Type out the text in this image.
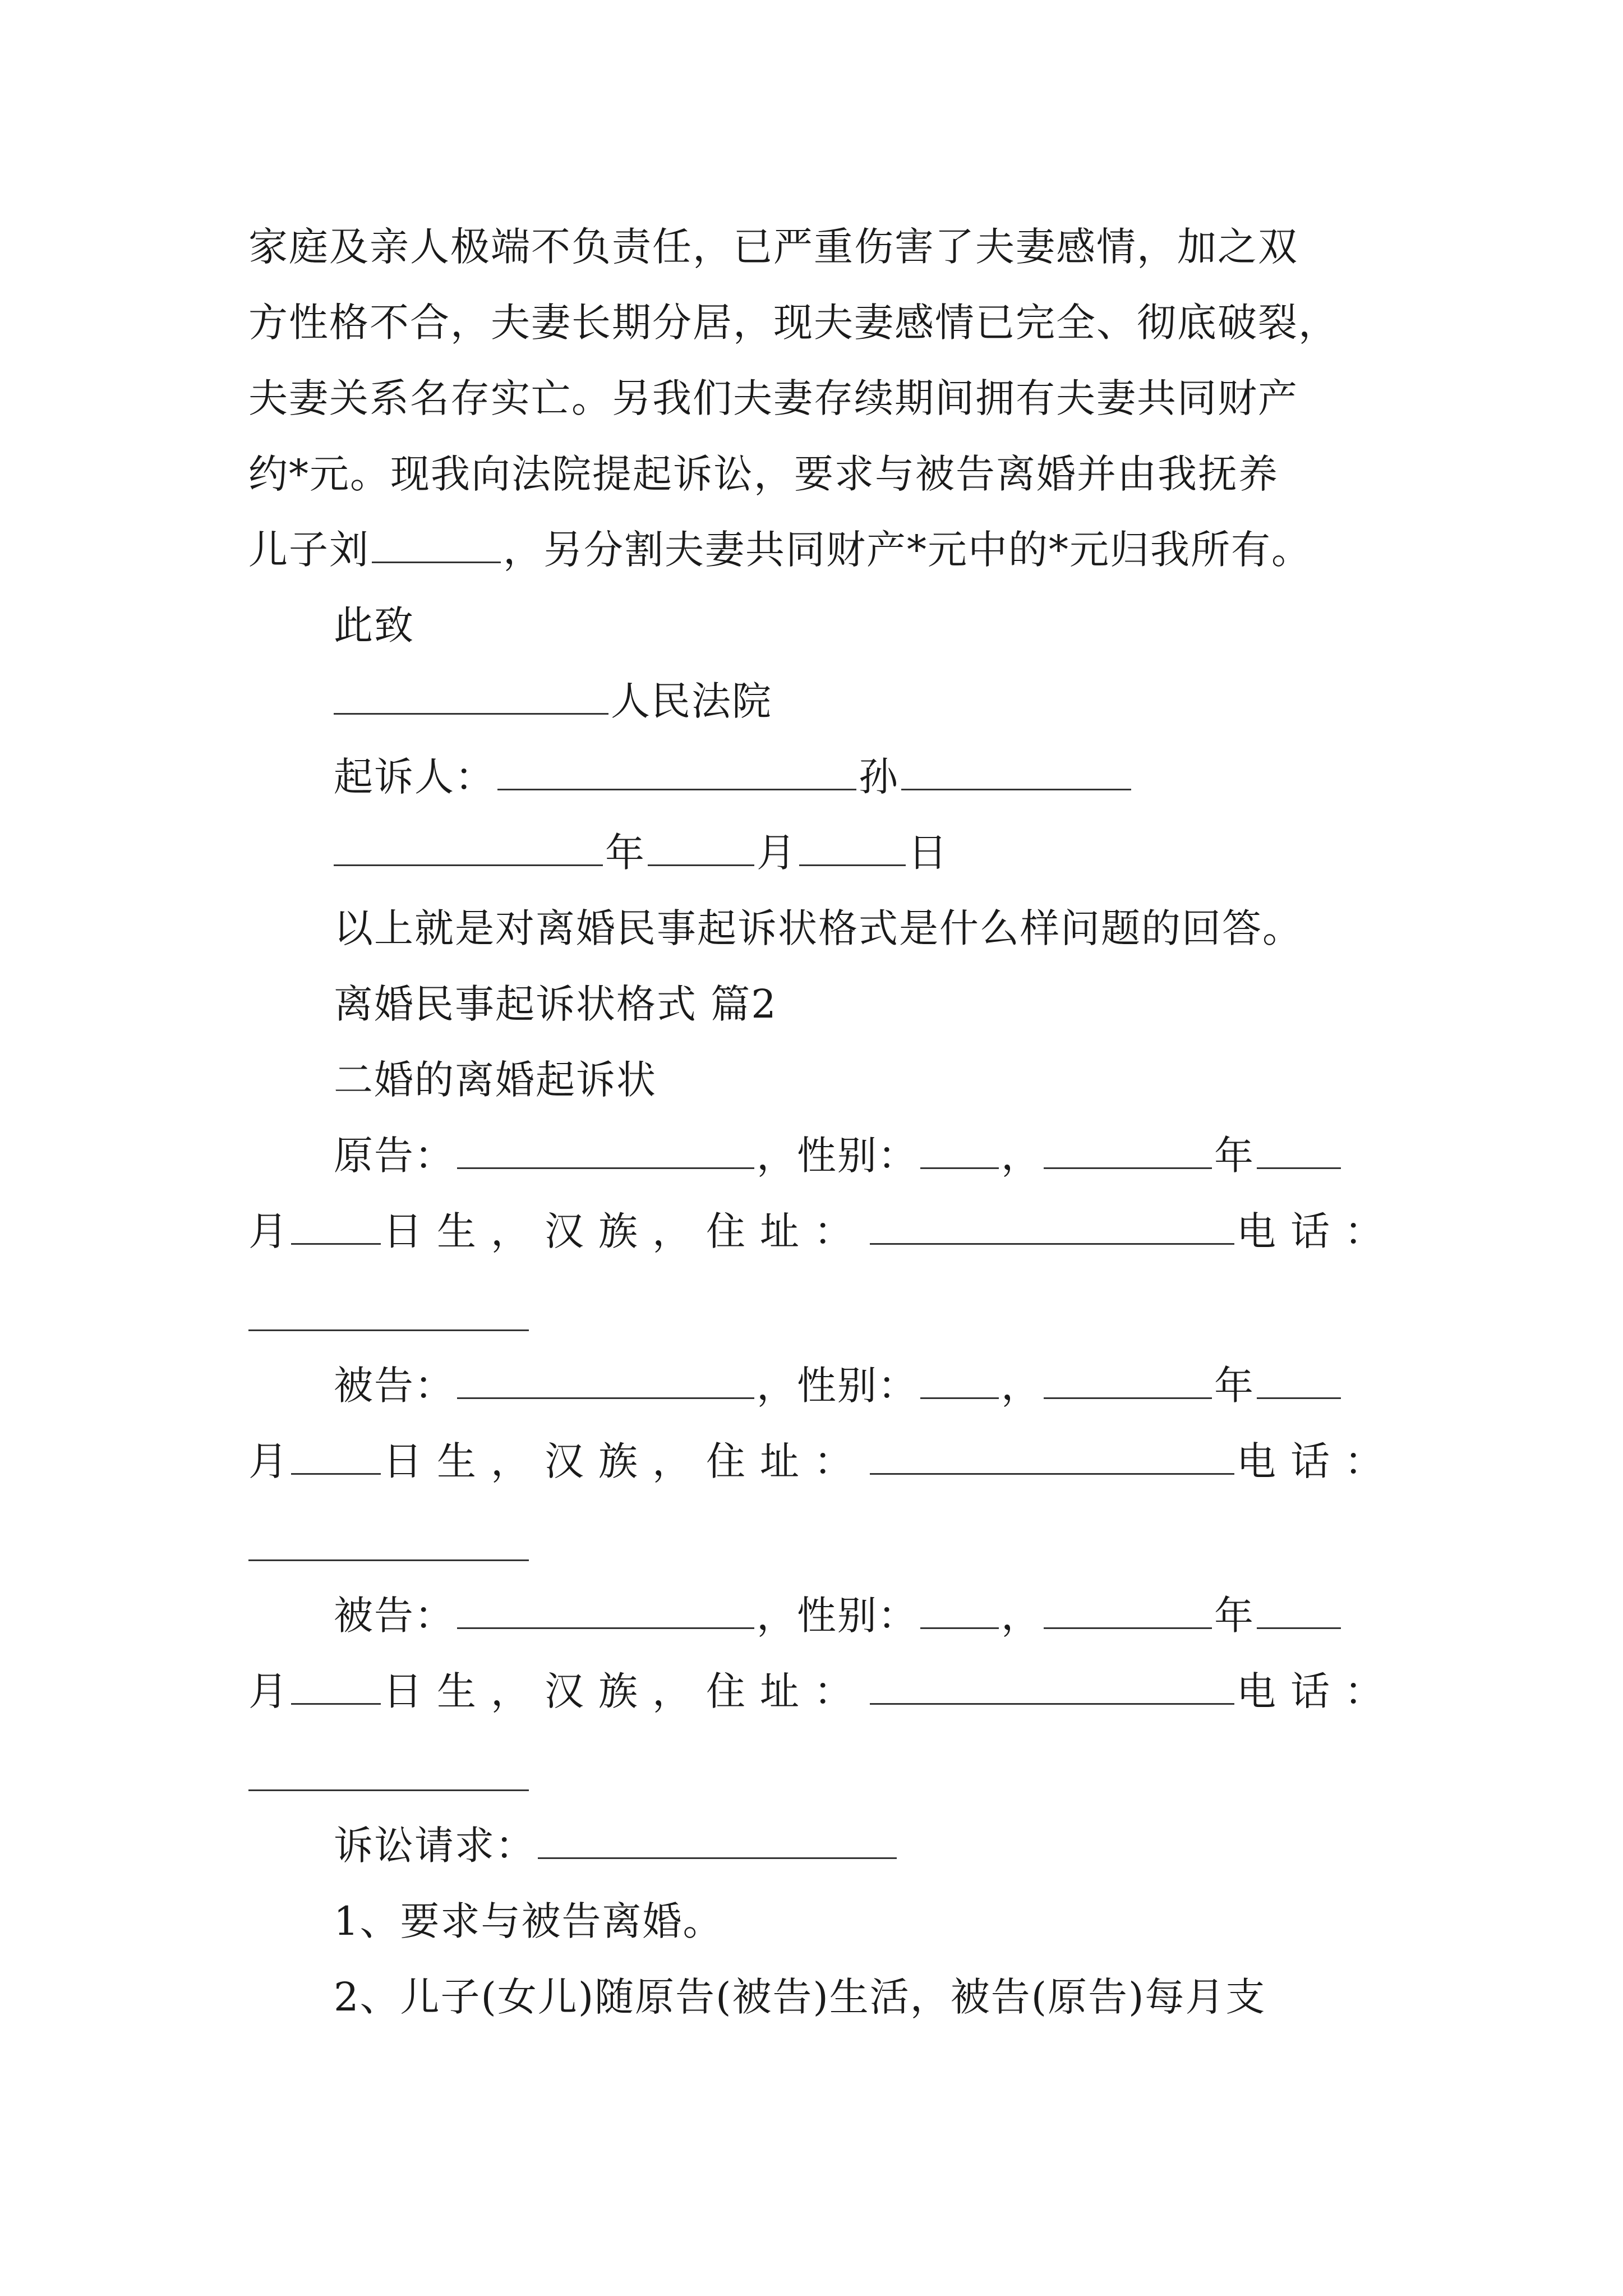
家庭及亲人极端不负责任，已严重伤害了夫妻感情，加之双
方性格不合，夫妻长期分居，现夫妻感情已完全、彻底破裂，
夫妻关系名存实亡。另我们夫妻存续期间拥有夫妻共同财产
约*元。现我向法院提起诉讼，要求与被告离婚并由我抚养
儿子刘	，另分割夫妻共同财产*元中的*元归我所有。
此致
人民法院
起诉人：	孙
年	月	日
以上就是对离婚民事起诉状格式是什么样问题的回答。
离婚民事起诉状格式 篇2
二婚的离婚起诉状
原告：	，性别： ，	年
月 日生，汉族，住址：	电话：
被告：	，性别： ，	年
月 日生，汉族，住址：	电话：
被告：	，性别： ，	年
月 日生，汉族，住址：	电话：
诉讼请求：
1、要求与被告离婚。
2、儿子(女儿)随原告(被告)生活，被告(原告)每月支
